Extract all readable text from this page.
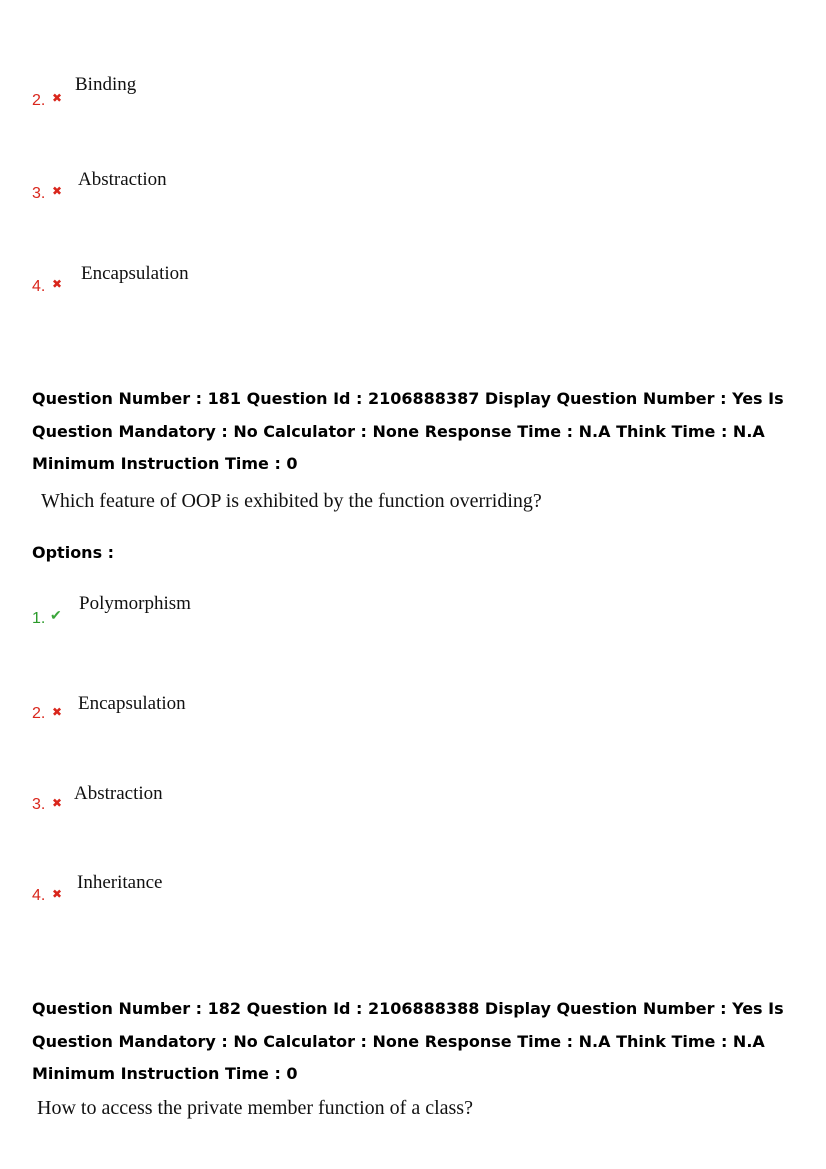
2. ✖
Binding
3. ✖
Abstraction
4. ✖ Encapsulation
Question Number : 181 Question Id : 2106888387 Display Question Number : Yes Is Question Mandatory : No Calculator : None Response Time : N.A Think Time : N.A Minimum Instruction Time : 0
Which feature of OOP is exhibited by the function overriding?
Options :
1. ✔
Polymorphism
2. ✖ Encapsulation
3. ✖ Abstraction
4. ✖
Inheritance
Question Number : 182 Question Id : 2106888388 Display Question Number : Yes Is Question Mandatory : No Calculator : None Response Time : N.A Think Time : N.A Minimum Instruction Time : 0
How to access the private member function of a class?
